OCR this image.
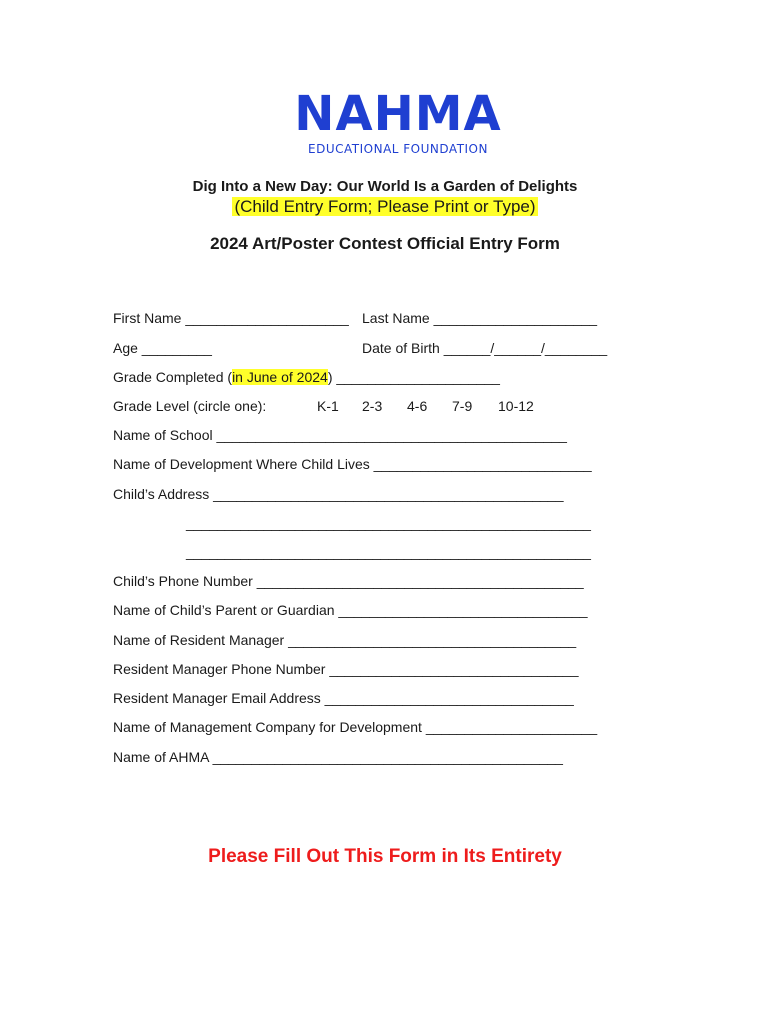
NAHMA
EDUCATIONAL FOUNDATION
Dig Into a New Day: Our World Is a Garden of Delights
(Child Entry Form; Please Print or Type)
2024 Art/Poster Contest Official Entry Form
First Name _____________________ Last Name _____________________
Age _________	Date of Birth ______/______/________
Grade Completed (in June of 2024) _____________________
Grade Level (circle one):	K-1 2-3 4-6 7-9 10-12
Name of School _____________________________________________
Name of Development Where Child Lives ____________________________
Child’s Address _____________________________________________
____________________________________________________
____________________________________________________
Child’s Phone Number __________________________________________
Name of Child’s Parent or Guardian ________________________________
Name of Resident Manager _____________________________________
Resident Manager Phone Number ________________________________
Resident Manager Email Address ________________________________
Name of Management Company for Development ______________________
Name of AHMA _____________________________________________
Please Fill Out This Form in Its Entirety
